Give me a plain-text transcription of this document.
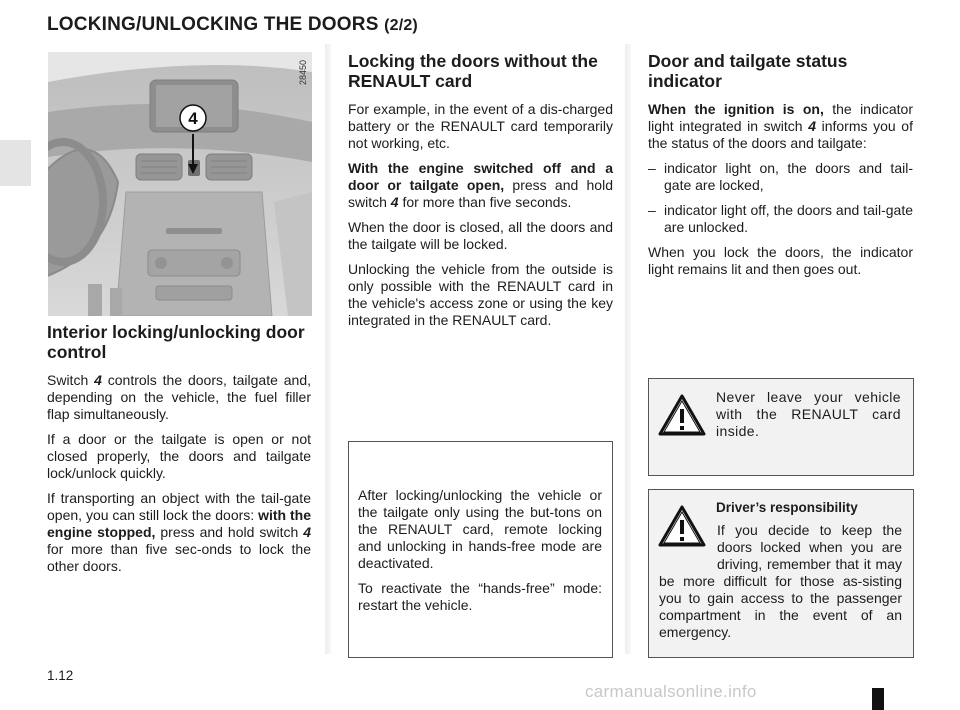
LOCKING/UNLOCKING THE DOORS (2/2)
4
28450
Interior locking/unlocking door control

Switch 4 controls the doors, tailgate and, depending on the vehicle, the fuel filler flap simultaneously.

If a door or the tailgate is open or not closed properly, the doors and tailgate lock/unlock quickly.

If transporting an object with the tail-gate open, you can still lock the doors: with the engine stopped, press and hold switch 4 for more than five sec-onds to lock the other doors.

Locking the doors without the RENAULT card

For example, in the event of a dis-charged battery or the RENAULT card temporarily not working, etc.

With the engine switched off and a door or tailgate open, press and hold switch 4 for more than five seconds.

When the door is closed, all the doors and the tailgate will be locked.

Unlocking the vehicle from the outside is only possible with the RENAULT card in the vehicle's access zone or using the key integrated in the RENAULT card.

After locking/unlocking the vehicle or the tailgate only using the but-tons on the RENAULT card, remote locking and unlocking in hands-free mode are deactivated.

To reactivate the “hands-free” mode: restart the vehicle.

Door and tailgate status indicator

When the ignition is on, the indicator light integrated in switch 4 informs you of the status of the doors and tailgate:

– indicator light on, the doors and tail-gate are locked,
– indicator light off, the doors and tail-gate are unlocked.

When you lock the doors, the indicator light remains lit and then goes out.

Never leave your vehicle with the RENAULT card inside.
Driver’s responsibility
If you decide to keep the doors locked when you are driving, remember that it may be more difficult for those as-sisting you to gain access to the passenger compartment in the event of an emergency.
1.12
carmanualsonline.info
